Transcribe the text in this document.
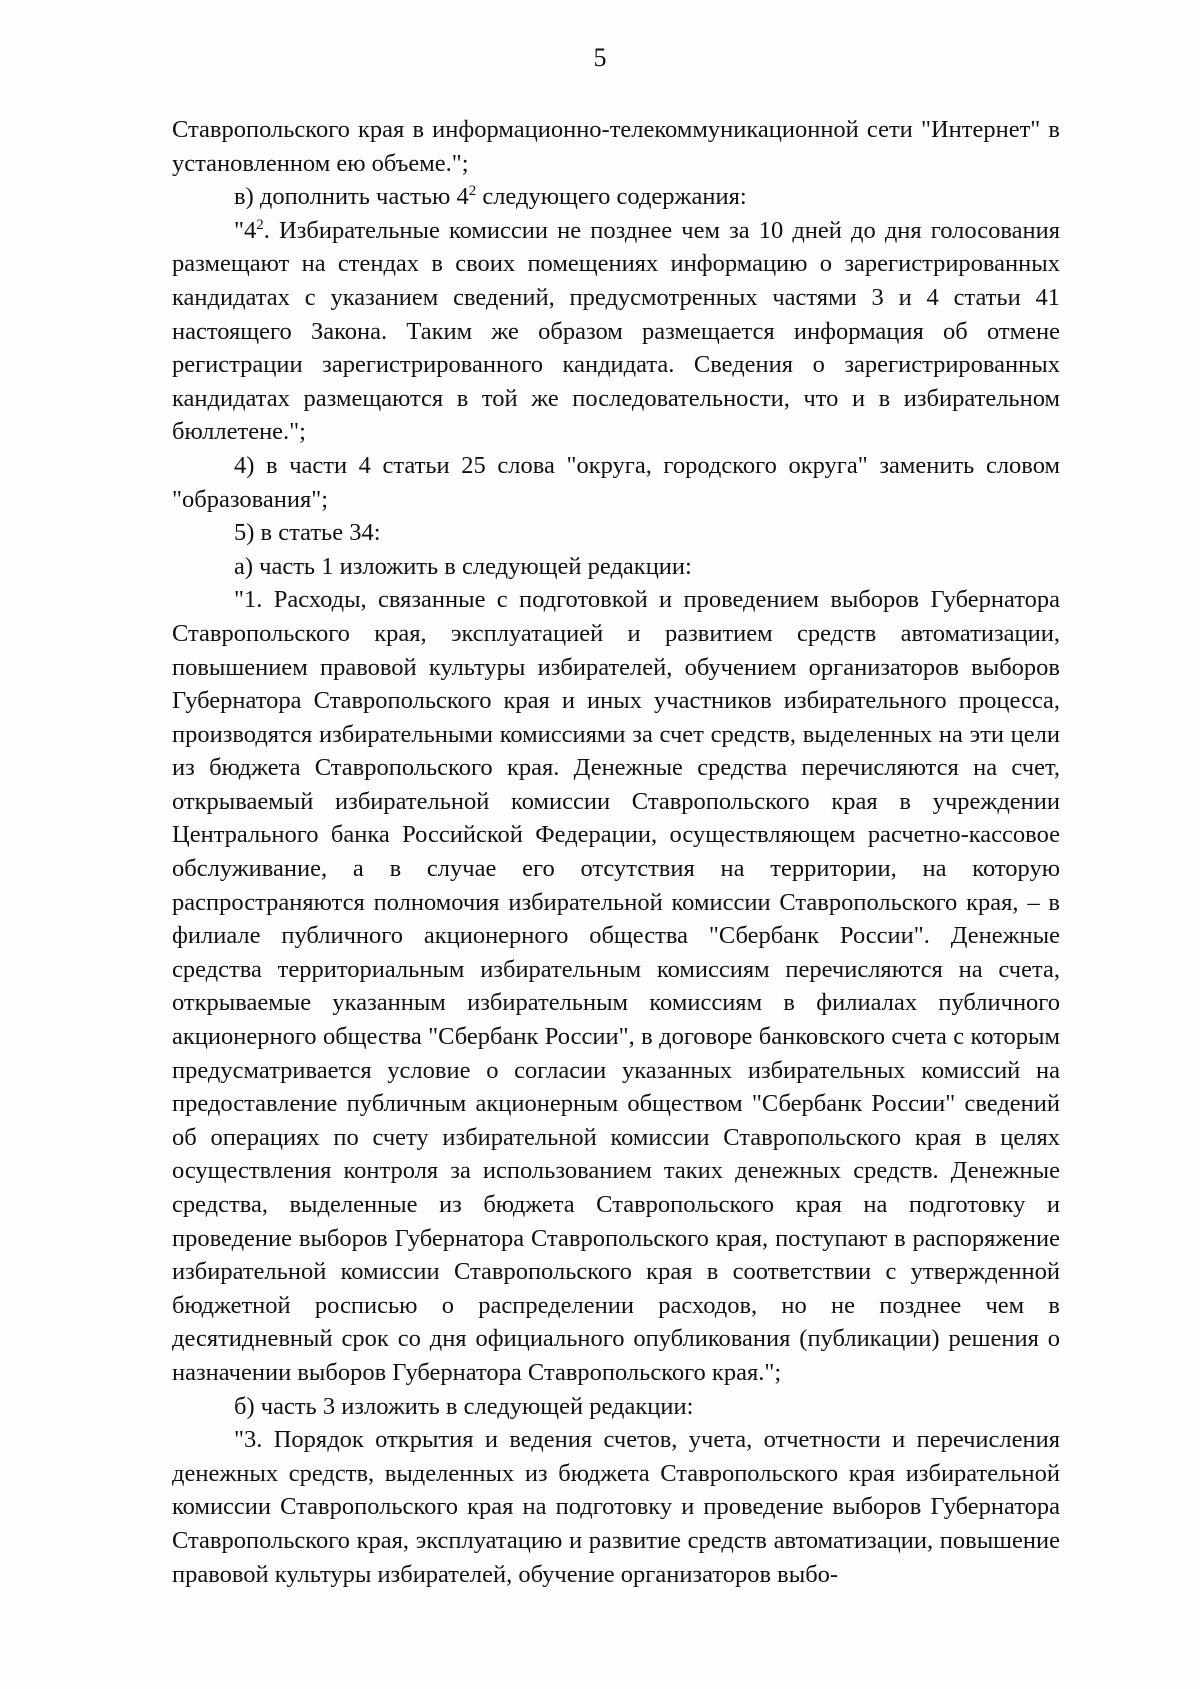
5

Ставропольского края в информационно-телекоммуникационной сети "Интернет" в установленном ею объеме.";

в) дополнить частью $4^2$ следующего содержания:

"$4^2$. Избирательные комиссии не позднее чем за 10 дней до дня голосования размещают на стендах в своих помещениях информацию о зарегистрированных кандидатах с указанием сведений, предусмотренных частями 3 и 4 статьи 41 настоящего Закона. Таким же образом размещается информация об отмене регистрации зарегистрированного кандидата. Сведения о зарегистрированных кандидатах размещаются в той же последовательности, что и в избирательном бюллетене.";

4) в части 4 статьи 25 слова "округа, городского округа" заменить словом "образования";

5) в статье 34:

а) часть 1 изложить в следующей редакции:

"1. Расходы, связанные с подготовкой и проведением выборов Губернатора Ставропольского края, эксплуатацией и развитием средств автоматизации, повышением правовой культуры избирателей, обучением организаторов выборов Губернатора Ставропольского края и иных участников избирательного процесса, производятся избирательными комиссиями за счет средств, выделенных на эти цели из бюджета Ставропольского края. Денежные средства перечисляются на счет, открываемый избирательной комиссии Ставропольского края в учреждении Центрального банка Российской Федерации, осуществляющем расчетно-кассовое обслуживание, а в случае его отсутствия на территории, на которую распространяются полномочия избирательной комиссии Ставропольского края, – в филиале публичного акционерного общества "Сбербанк России". Денежные средства территориальным избирательным комиссиям перечисляются на счета, открываемые указанным избирательным комиссиям в филиалах публичного акционерного общества "Сбербанк России", в договоре банковского счета с которым предусматривается условие о согласии указанных избирательных комиссий на предоставление публичным акционерным обществом "Сбербанк России" сведений об операциях по счету избирательной комиссии Ставропольского края в целях осуществления контроля за использованием таких денежных средств. Денежные средства, выделенные из бюджета Ставропольского края на подготовку и проведение выборов Губернатора Ставропольского края, поступают в распоряжение избирательной комиссии Ставропольского края в соответствии с утвержденной бюджетной росписью о распределении расходов, но не позднее чем в десятидневный срок со дня официального опубликования (публикации) решения о назначении выборов Губернатора Ставропольского края.";

б) часть 3 изложить в следующей редакции:

"3. Порядок открытия и ведения счетов, учета, отчетности и перечисления денежных средств, выделенных из бюджета Ставропольского края избирательной комиссии Ставропольского края на подготовку и проведение выборов Губернатора Ставропольского края, эксплуатацию и развитие средств автоматизации, повышение правовой культуры избирателей, обучение организаторов выбо-
